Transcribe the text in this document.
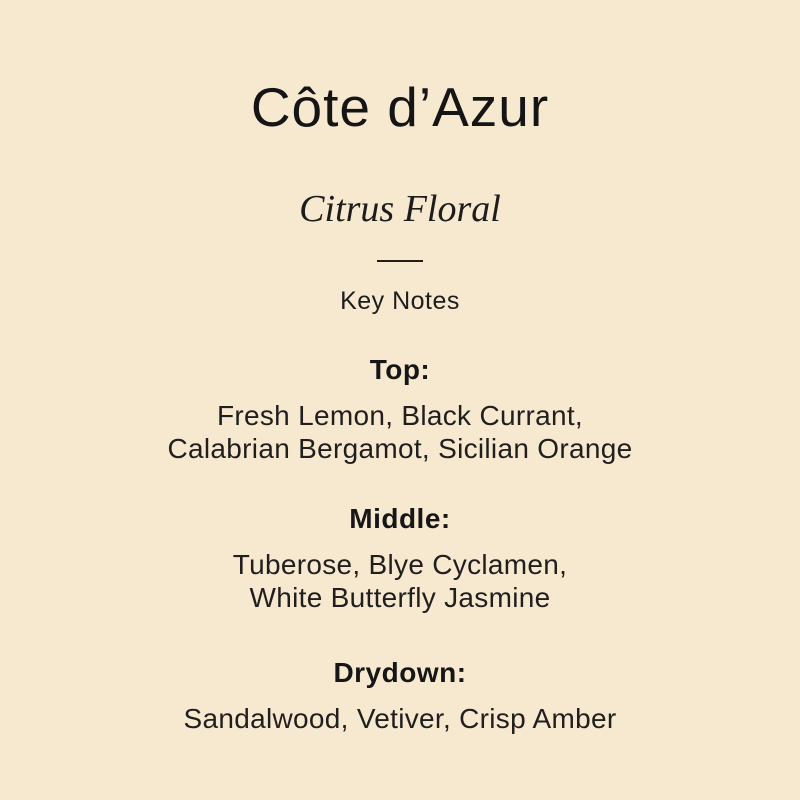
Côte d’Azur
Citrus Floral
Key Notes
Top:
Fresh Lemon, Black Currant,
Calabrian Bergamot, Sicilian Orange
Middle:
Tuberose, Blye Cyclamen,
White Butterfly Jasmine
Drydown:
Sandalwood, Vetiver, Crisp Amber
